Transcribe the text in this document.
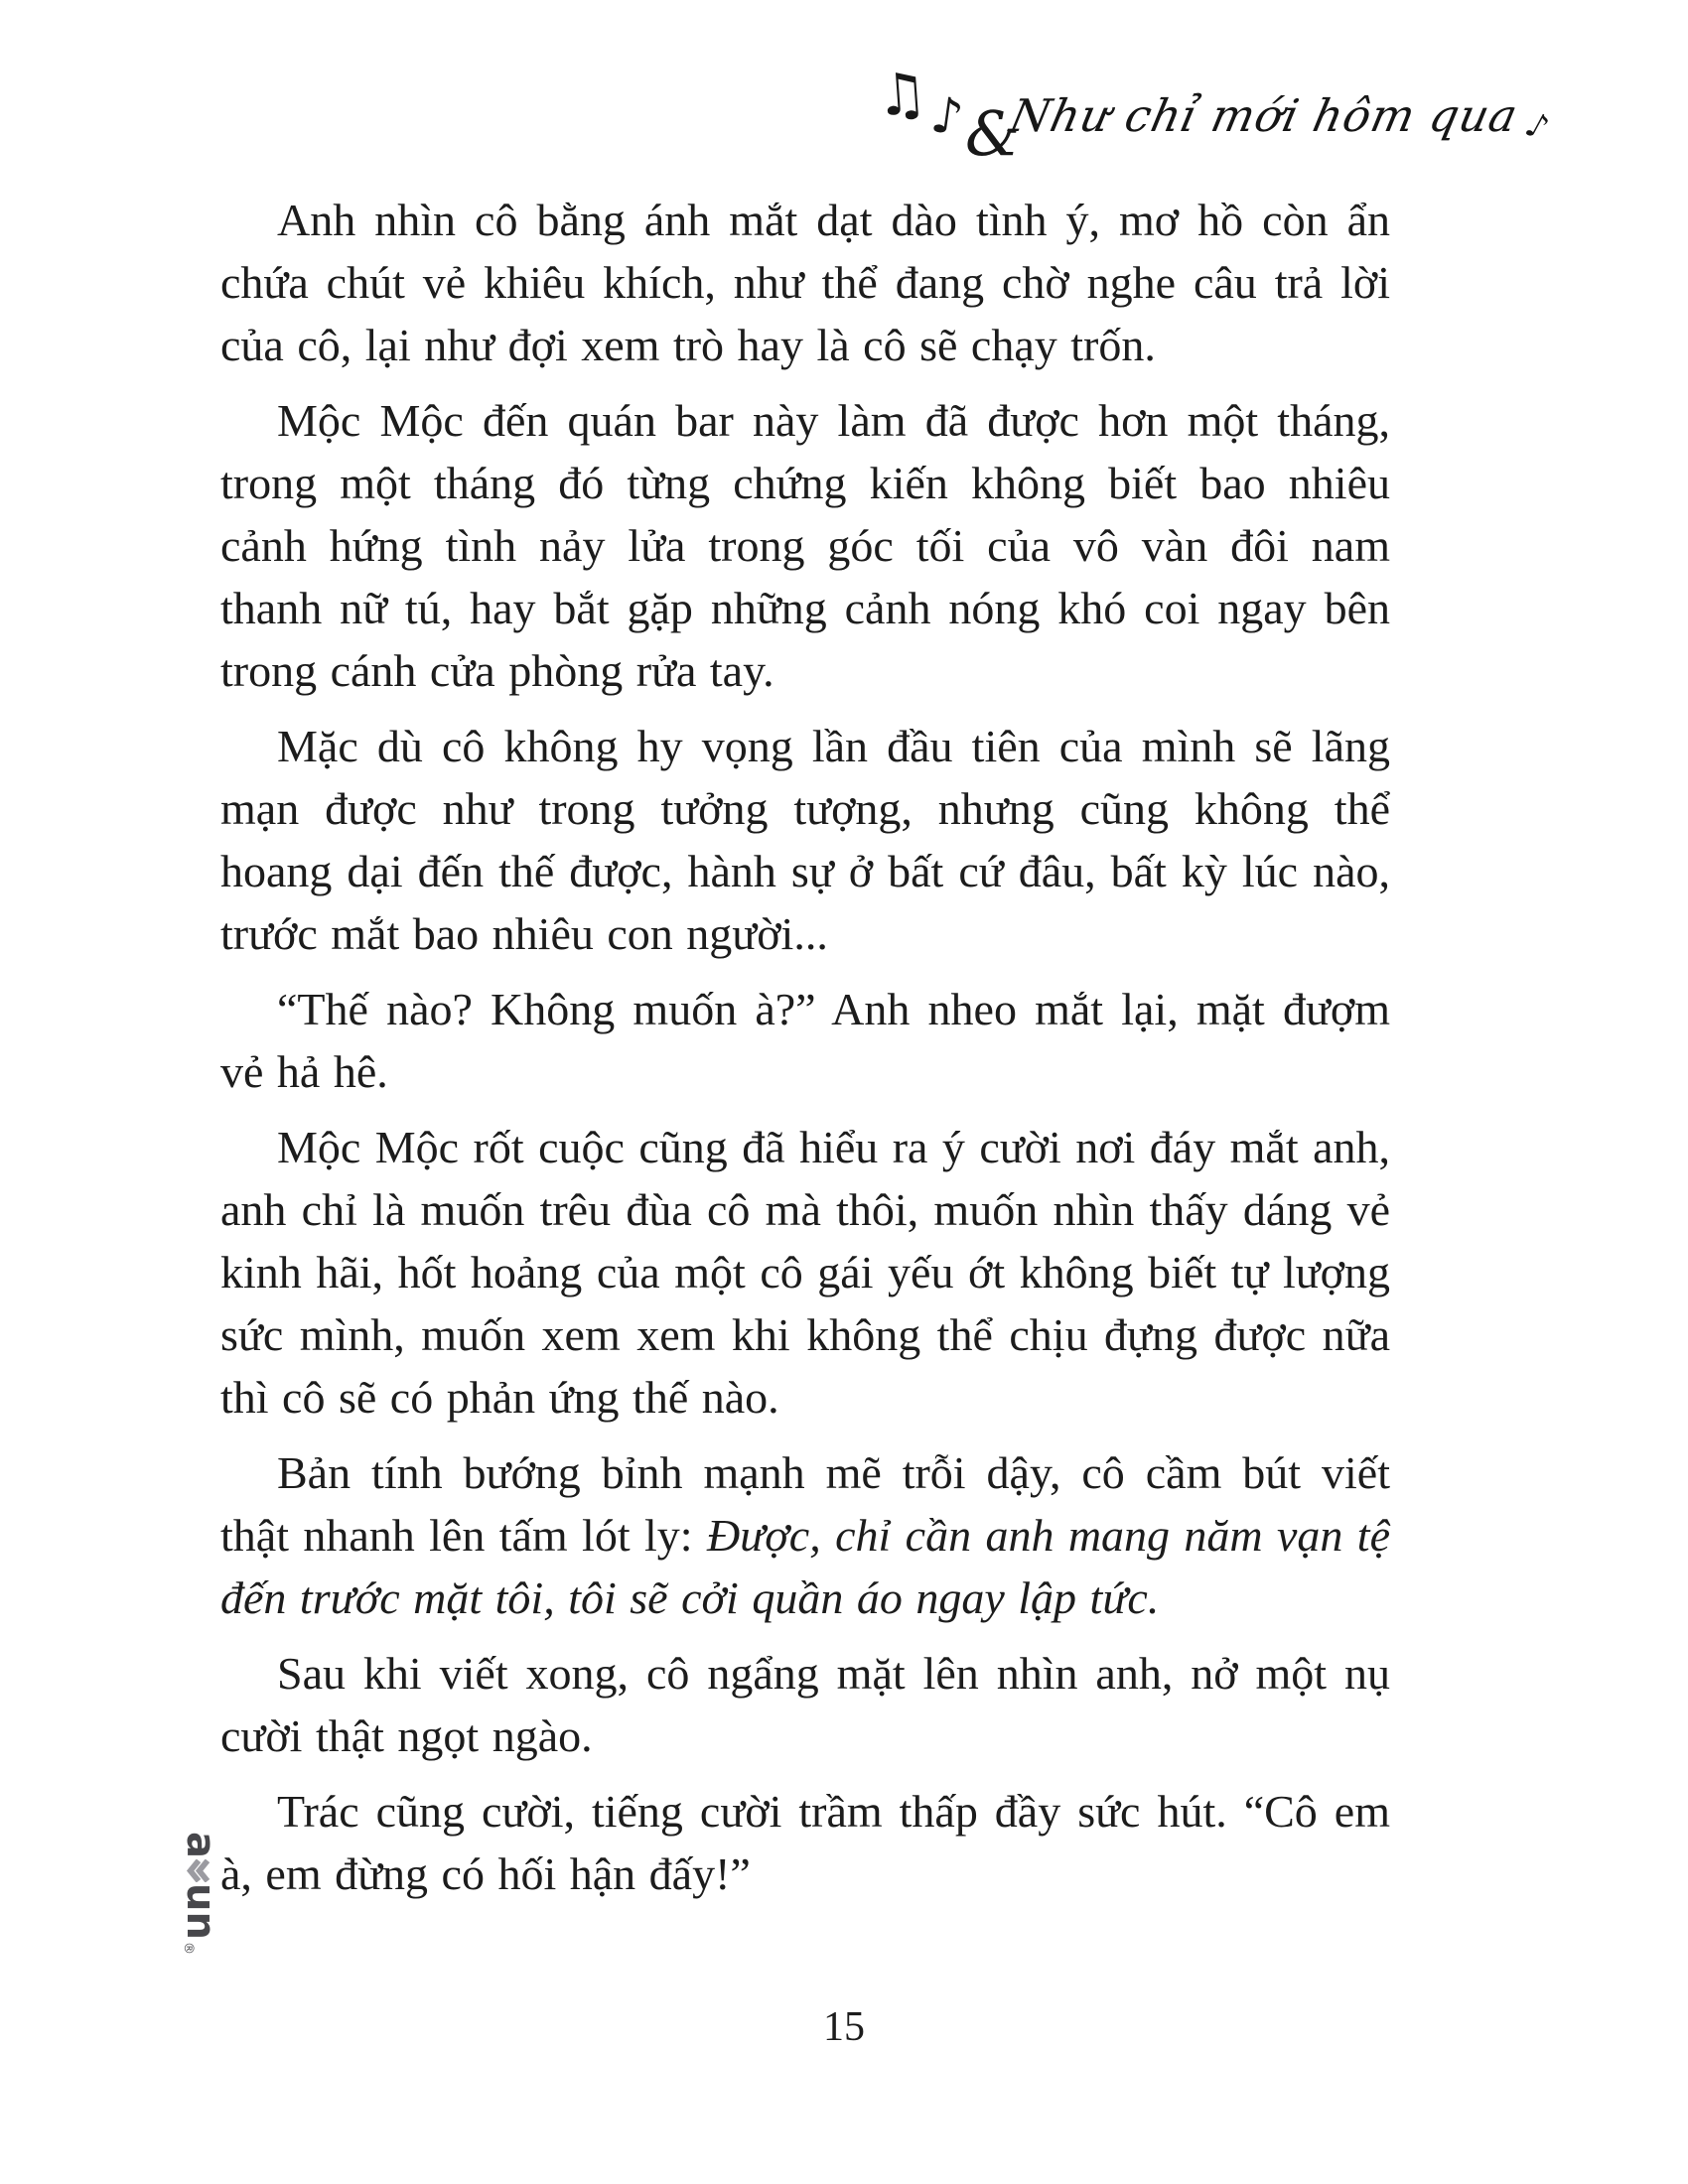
♫
♪
&
Như chỉ mới hôm qua♪

Anh nhìn cô bằng ánh mắt dạt dào tình ý, mơ hồ còn ẩn chứa chút vẻ khiêu khích, như thể đang chờ nghe câu trả lời của cô, lại như đợi xem trò hay là cô sẽ chạy trốn.

Mộc Mộc đến quán bar này làm đã được hơn một tháng, trong một tháng đó từng chứng kiến không biết bao nhiêu cảnh hứng tình nảy lửa trong góc tối của vô vàn đôi nam thanh nữ tú, hay bắt gặp những cảnh nóng khó coi ngay bên trong cánh cửa phòng rửa tay.

Mặc dù cô không hy vọng lần đầu tiên của mình sẽ lãng mạn được như trong tưởng tượng, nhưng cũng không thể hoang dại đến thế được, hành sự ở bất cứ đâu, bất kỳ lúc nào, trước mắt bao nhiêu con người...

“Thế nào? Không muốn à?” Anh nheo mắt lại, mặt đượm vẻ hả hê.

Mộc Mộc rốt cuộc cũng đã hiểu ra ý cười nơi đáy mắt anh, anh chỉ là muốn trêu đùa cô mà thôi, muốn nhìn thấy dáng vẻ kinh hãi, hốt hoảng của một cô gái yếu ớt không biết tự lượng sức mình, muốn xem xem khi không thể chịu đựng được nữa thì cô sẽ có phản ứng thế nào.

Bản tính bướng bỉnh mạnh mẽ trỗi dậy, cô cầm bút viết thật nhanh lên tấm lót ly: Được, chỉ cần anh mang năm vạn tệ đến trước mặt tôi, tôi sẽ cởi quần áo ngay lập tức.

Sau khi viết xong, cô ngẩng mặt lên nhìn anh, nở một nụ cười thật ngọt ngào.

Trác cũng cười, tiếng cười trầm thấp đầy sức hút. “Cô em à, em đừng có hối hận đấy!”

a
un
®
15
